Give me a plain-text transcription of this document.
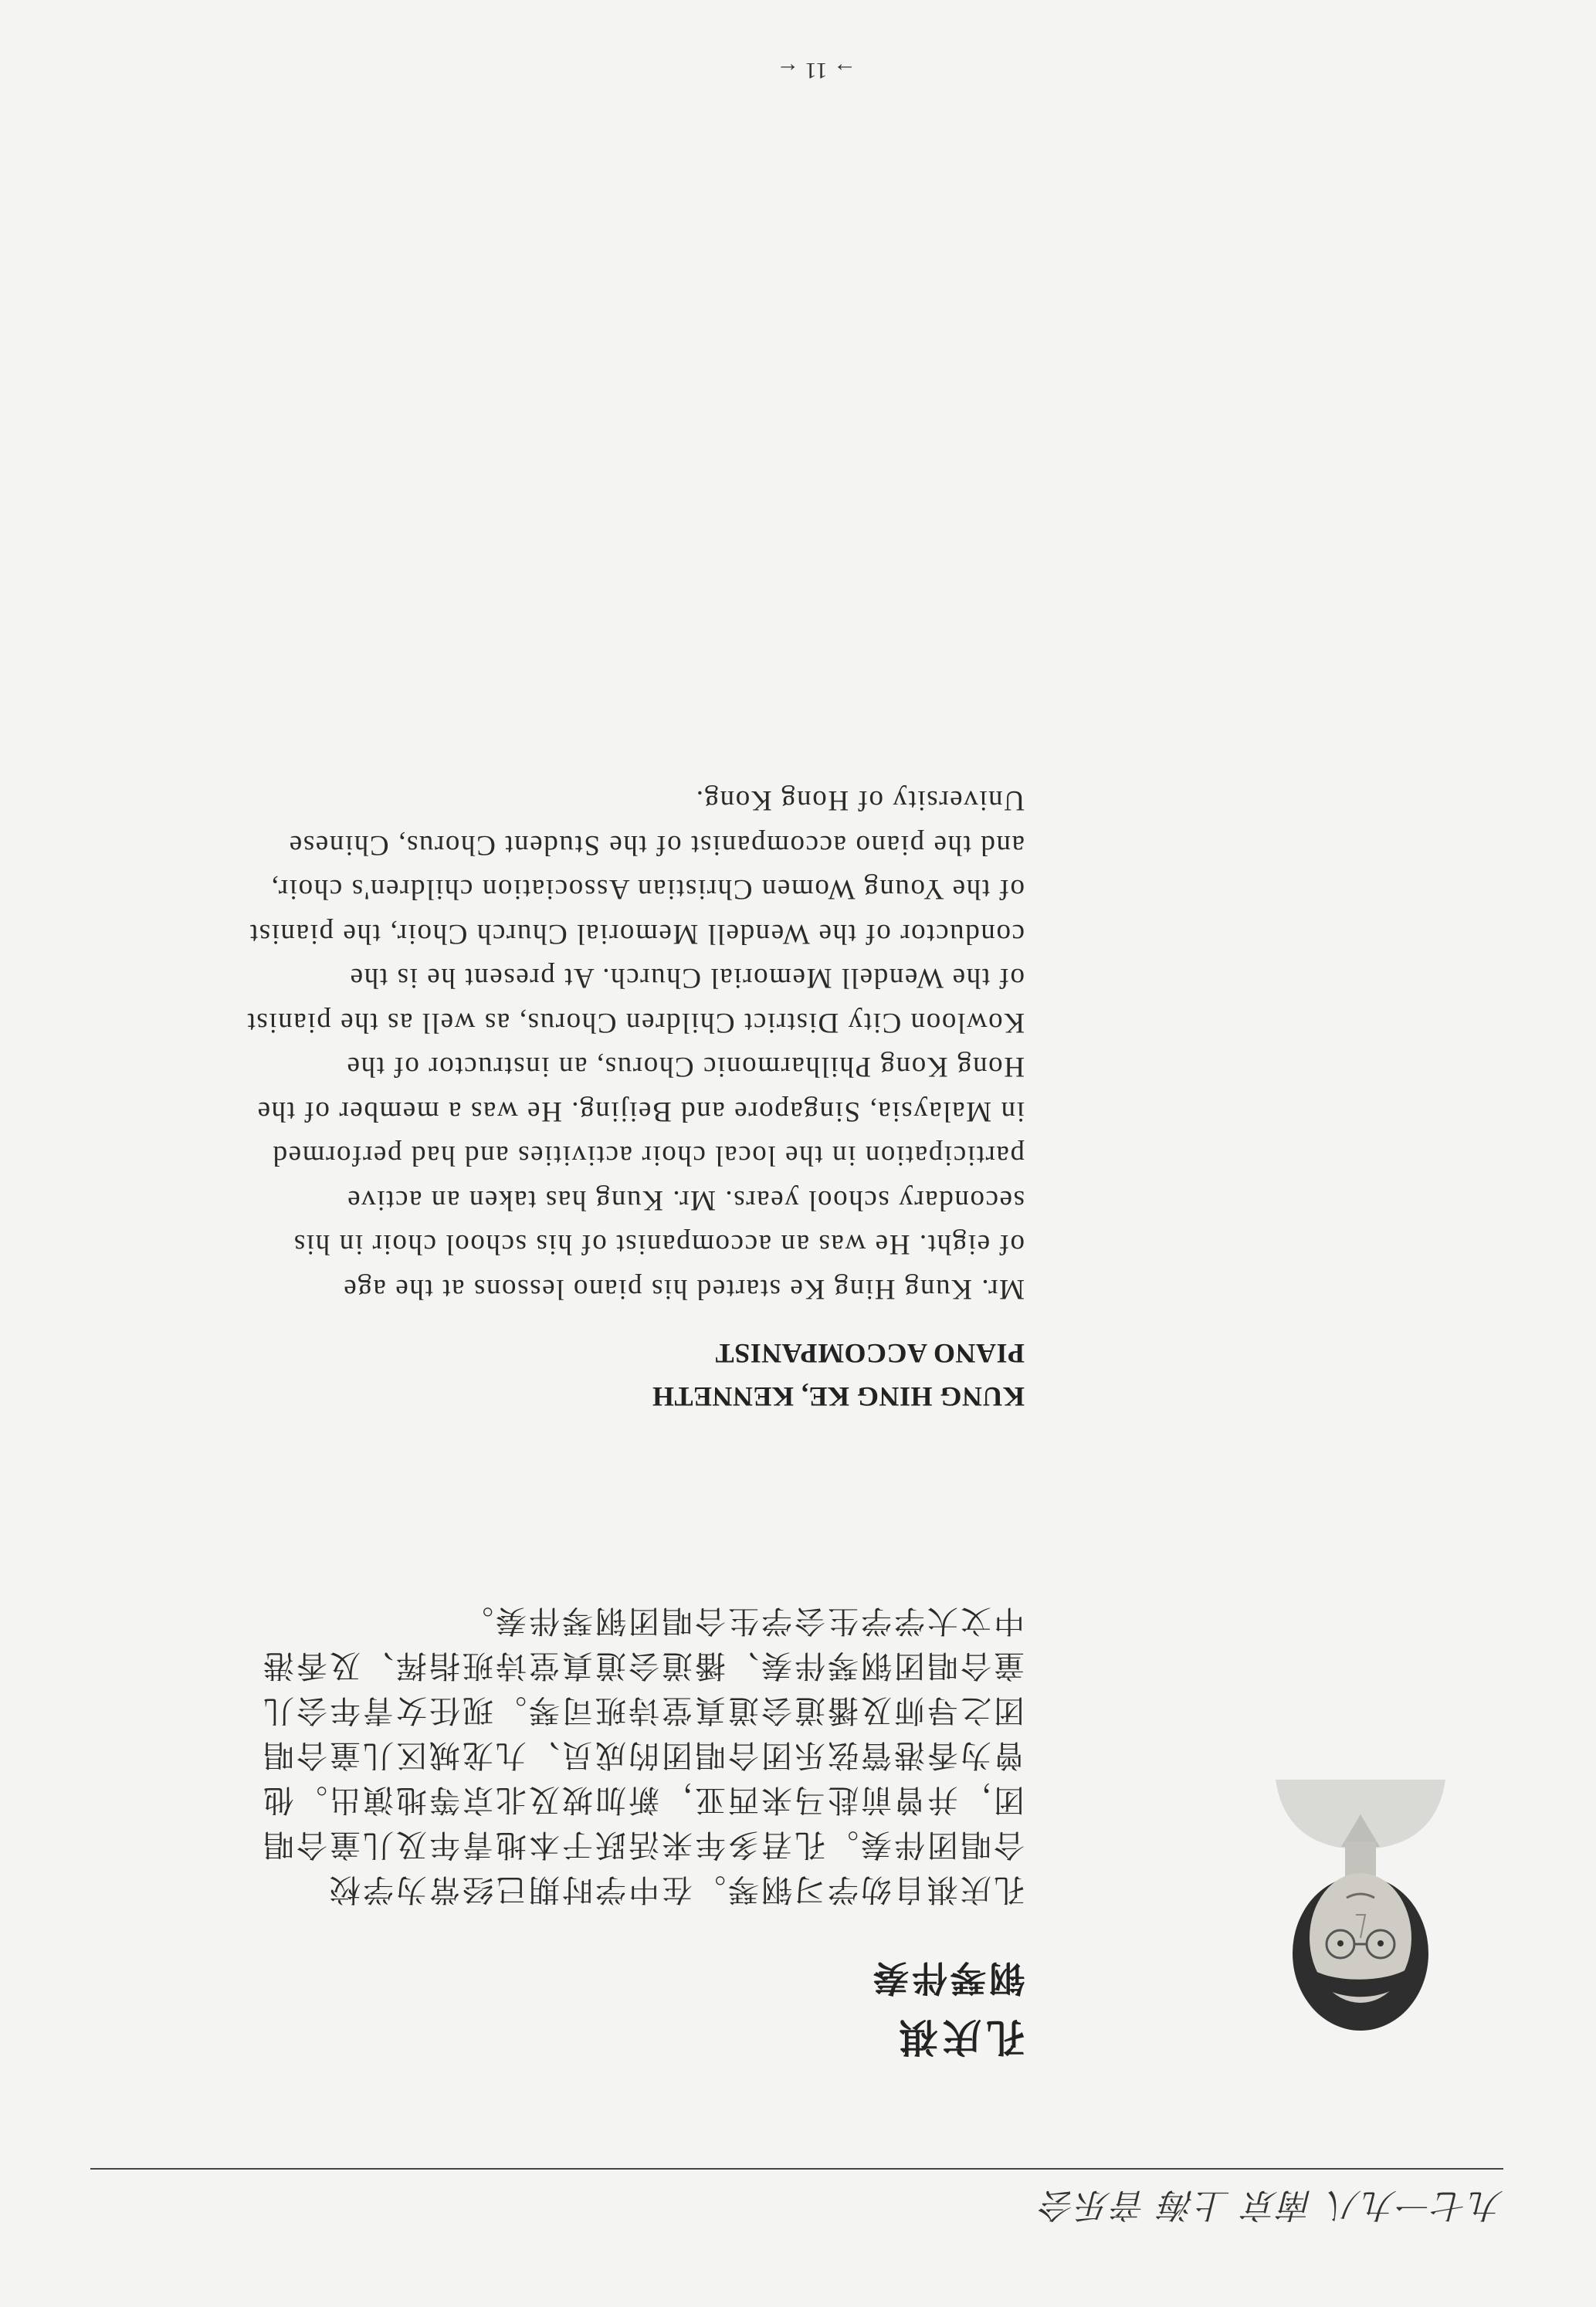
九七一九八 南京 上海 音乐会
孔庆祺
钢琴伴奏

孔庆祺自幼学习钢琴。在中学时期已经常为学校

合唱团伴奏。孔君多年来活跃于本地青年及儿童合唱

团，并曾前赴马来西亚，新加坡及北京等地演出。他

曾为香港管弦乐团合唱团的成员、九龙城区儿童合唱

团之导师及播道会道真堂诗班司琴。现任女青年会儿

童合唱团钢琴伴奏、播道会道真堂诗班指挥、及香港

中文大学学生会学生合唱团钢琴伴奏。

KUNG HING KE, KENNETH
PIANO ACCOMPANIST

Mr. Kung Hing Ke started his piano lessons at the age

of eight. He was an accompanist of his school choir in his

secondary school years. Mr. Kung has taken an active

participation in the local choir activities and had performed

in Malaysia, Singapore and Beijing. He was a member of the

Hong Kong Philharmonic Chorus, an instructor of the

Kowloon City District Children Chorus, as well as the pianist

of the Wendell Memorial Church. At present he is the

conductor of the Wendell Memorial Church Choir, the pianist

of the Young Women Christian Association children's choir,

and the piano accompanist of the Student Chorus, Chinese

University of Hong Kong.

→ 11 ←
